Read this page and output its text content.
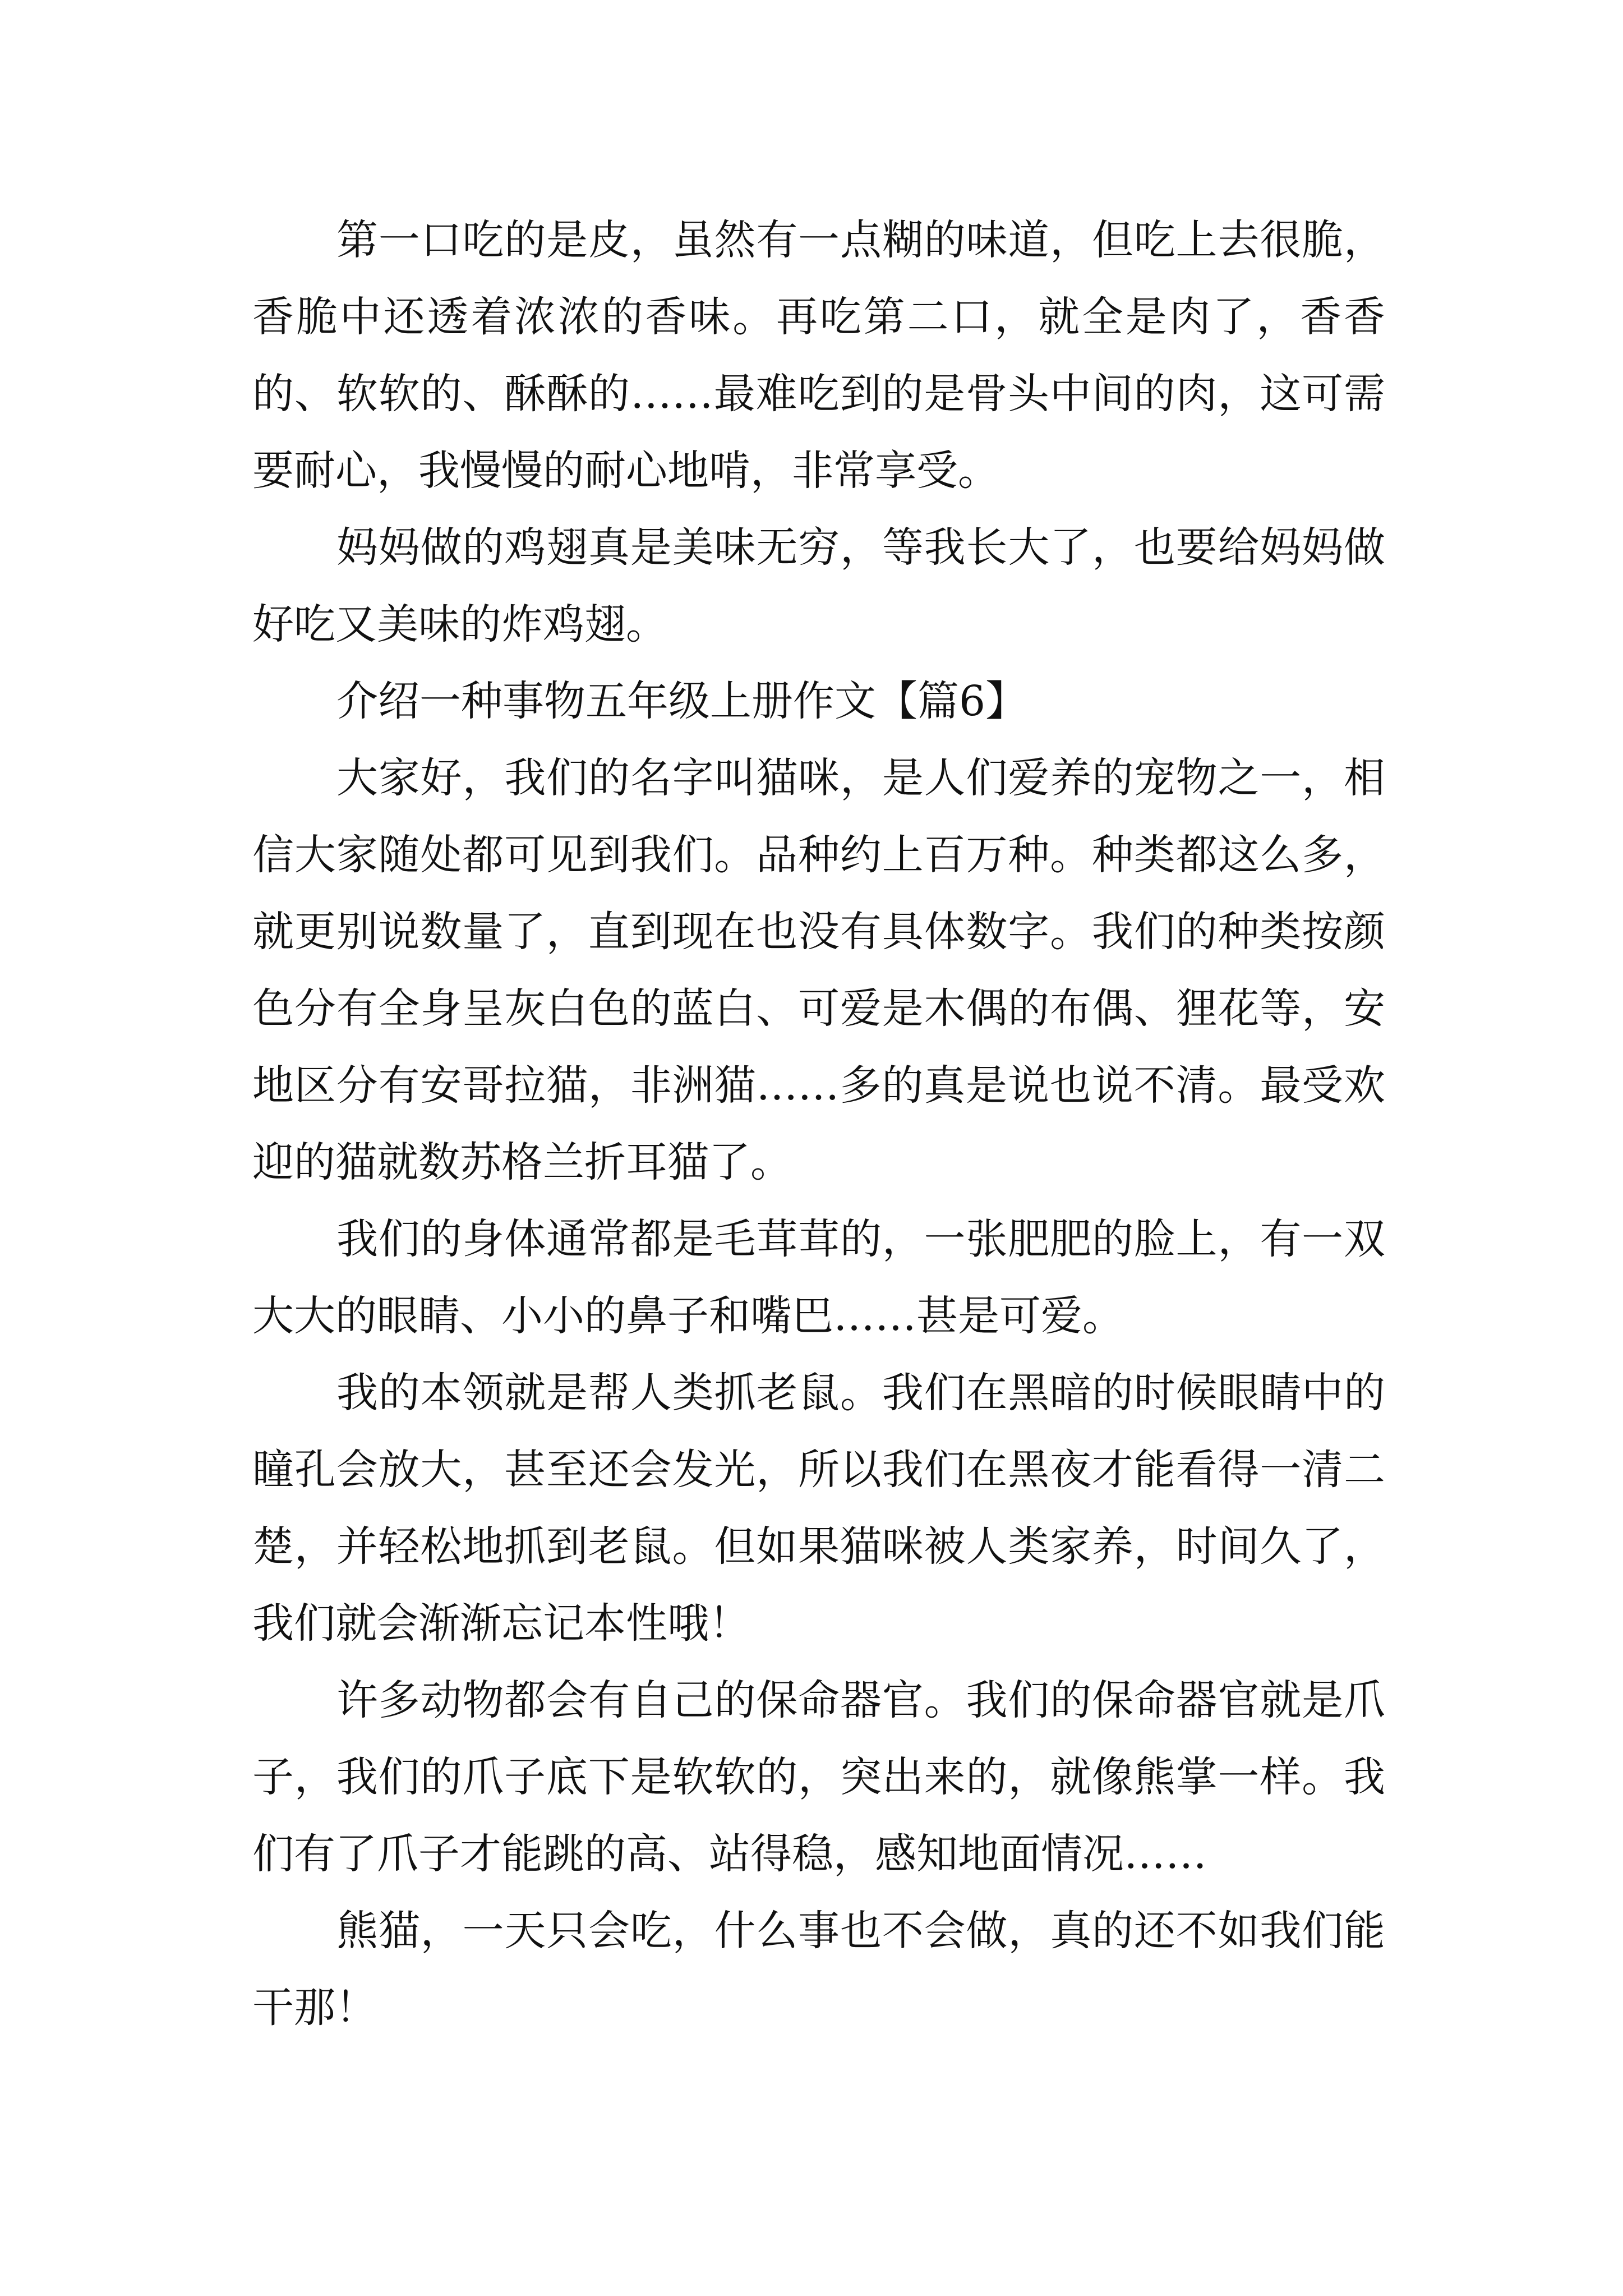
第一口吃的是皮，虽然有一点糊的味道，但吃上去很脆，香脆中还透着浓浓的香味。再吃第二口，就全是肉了，香香的、软软的、酥酥的……最难吃到的是骨头中间的肉，这可需要耐心，我慢慢的耐心地啃，非常享受。

妈妈做的鸡翅真是美味无穷，等我长大了，也要给妈妈做好吃又美味的炸鸡翅。

介绍一种事物五年级上册作文【篇6】

大家好，我们的名字叫猫咪，是人们爱养的宠物之一，相信大家随处都可见到我们。品种约上百万种。种类都这么多，就更别说数量了，直到现在也没有具体数字。我们的种类按颜色分有全身呈灰白色的蓝白、可爱是木偶的布偶、狸花等，安地区分有安哥拉猫，非洲猫……多的真是说也说不清。最受欢迎的猫就数苏格兰折耳猫了。

我们的身体通常都是毛茸茸的，一张肥肥的脸上，有一双大大的眼睛、小小的鼻子和嘴巴……甚是可爱。

我的本领就是帮人类抓老鼠。我们在黑暗的时候眼睛中的瞳孔会放大，甚至还会发光，所以我们在黑夜才能看得一清二楚，并轻松地抓到老鼠。但如果猫咪被人类家养，时间久了，我们就会渐渐忘记本性哦！

许多动物都会有自己的保命器官。我们的保命器官就是爪子，我们的爪子底下是软软的，突出来的，就像熊掌一样。我们有了爪子才能跳的高、站得稳，感知地面情况……

熊猫，一天只会吃，什么事也不会做，真的还不如我们能干那！
